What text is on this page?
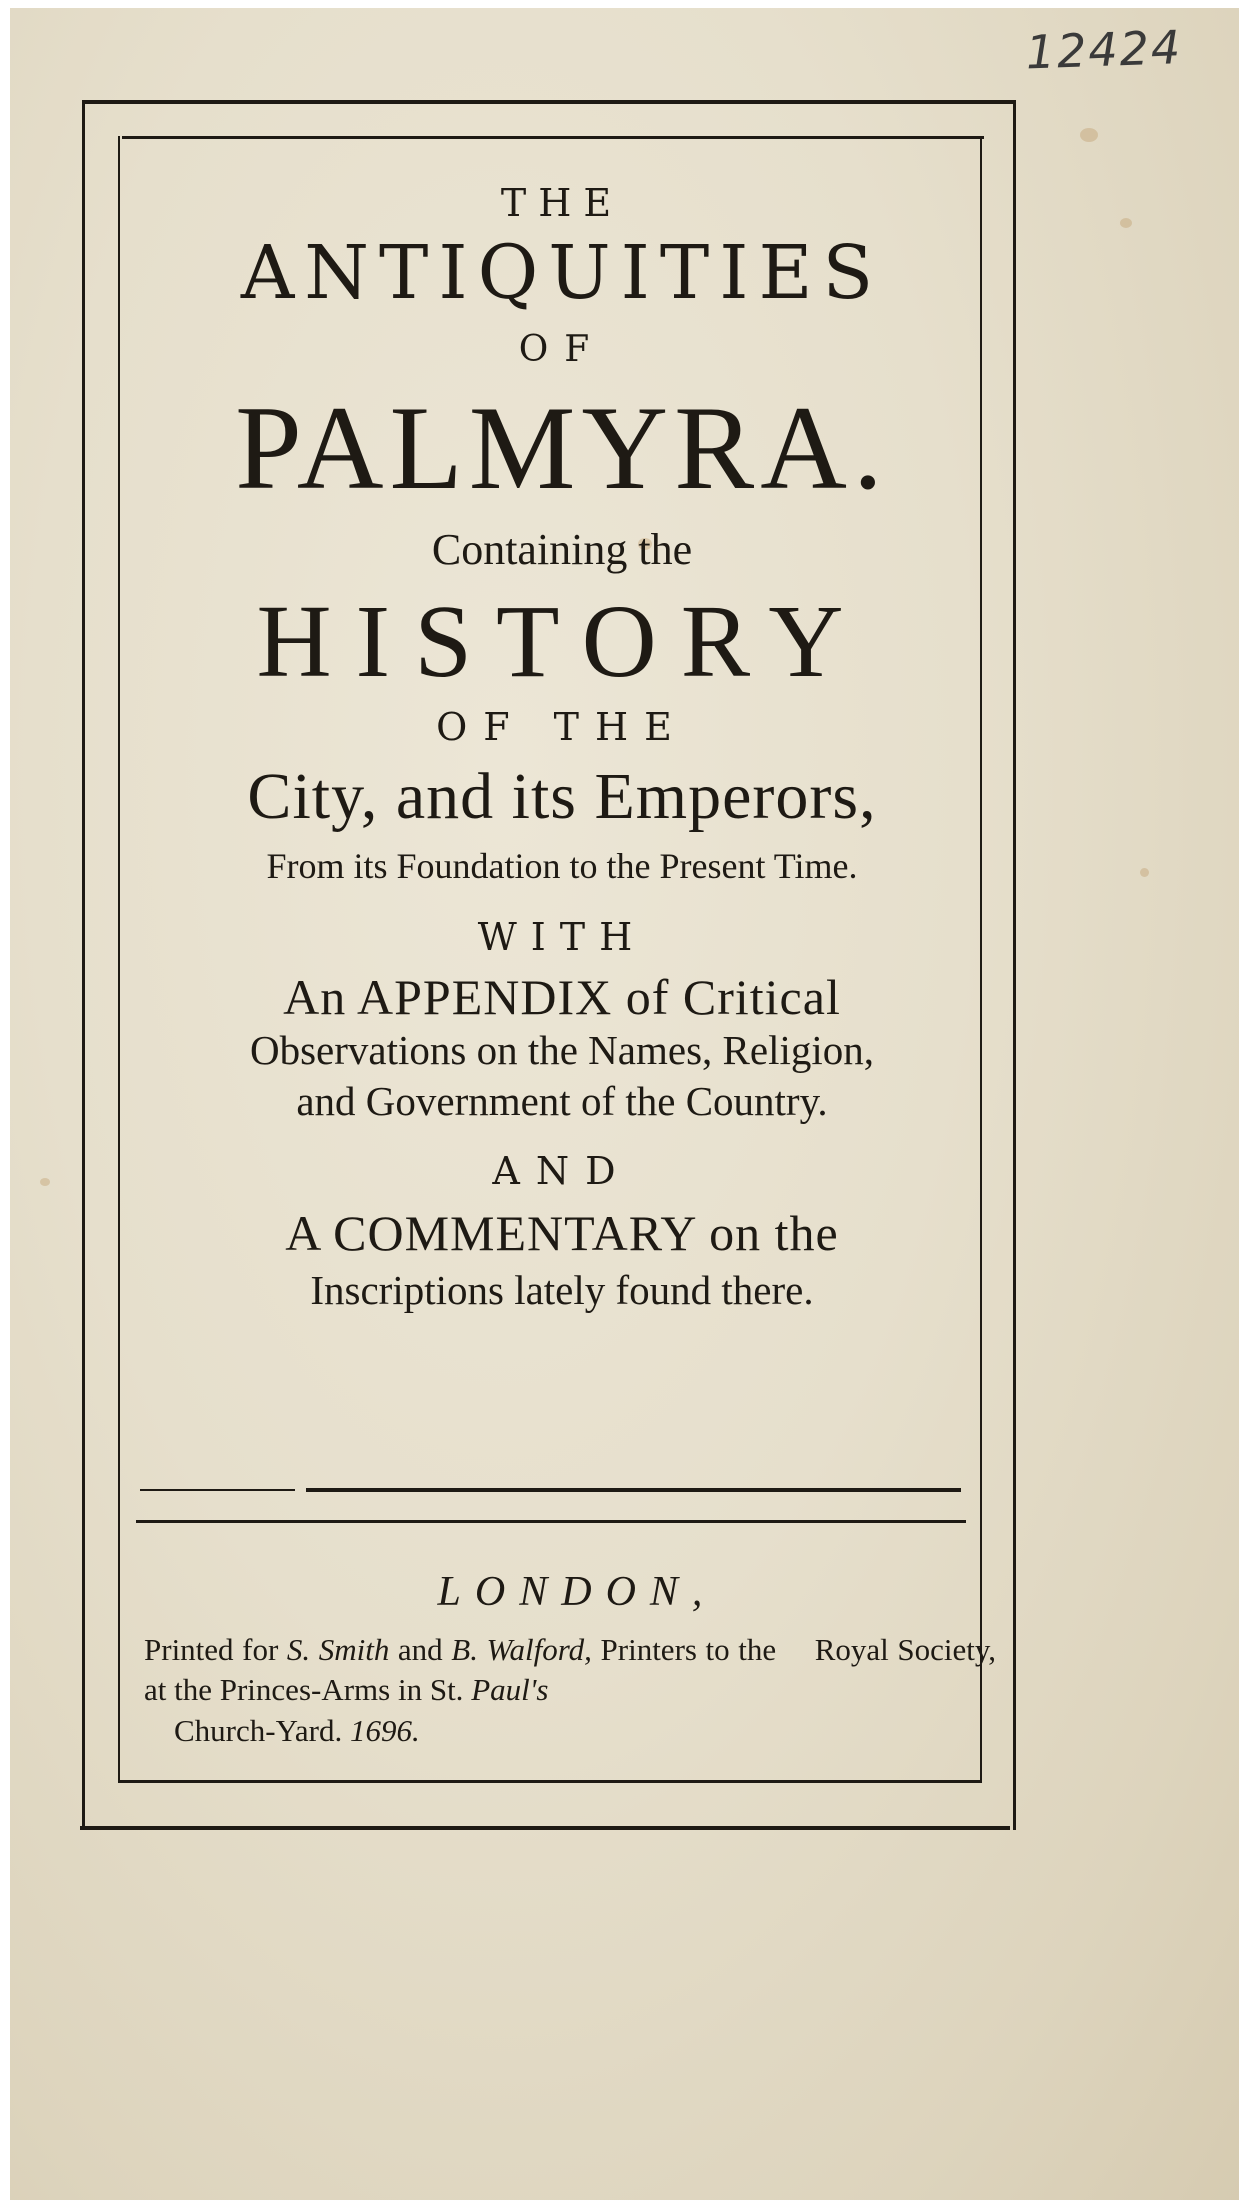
12424

THE
ANTIQUITIES
OF
PALMYRA.
Containing the
HISTORY
OF THE
City, and its Emperors,
From its Foundation to the Present Time.
WITH
An APPENDIX of Critical
Observations on the Names, Religion,
and Government of the Country.
AND
A COMMENTARY on the
Inscriptions lately found there.
LONDON,
Printed for S. Smith and B. Walford, Printers to the Royal Society, at the Princes-Arms in St. Paul's
Church-Yard. 1696.
